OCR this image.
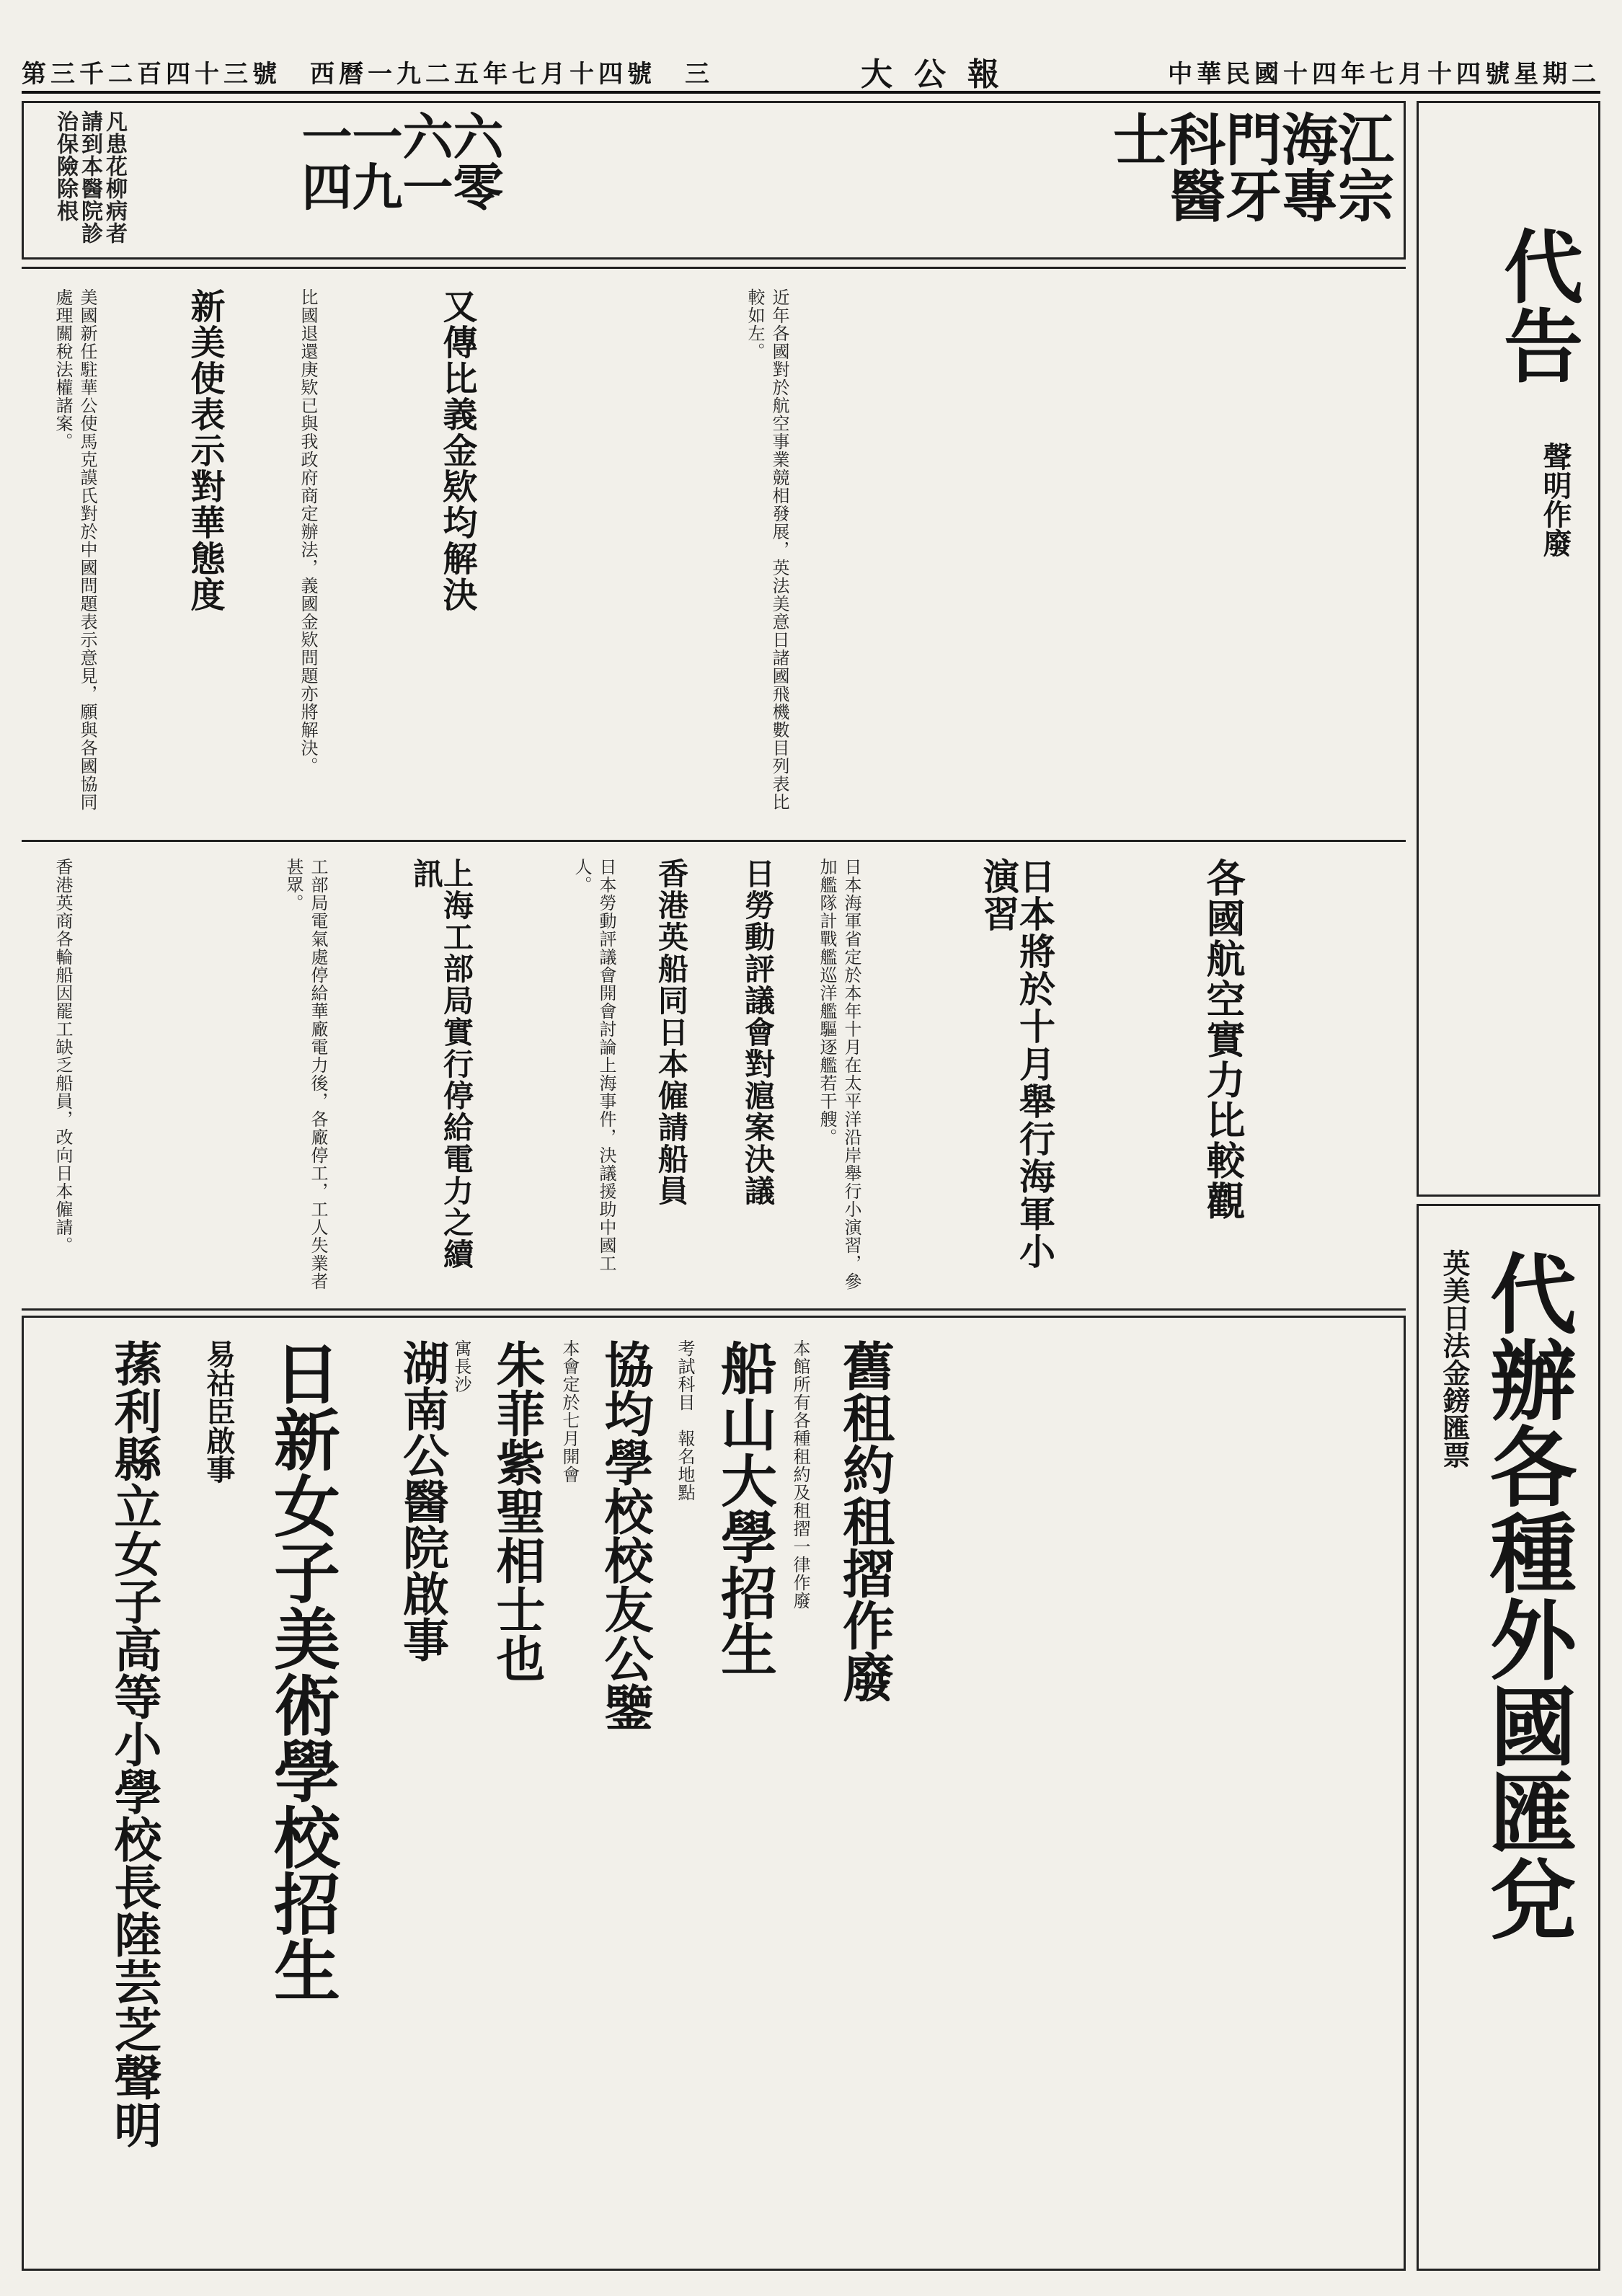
第三千二百四十三號　西曆一九二五年七月十四號　三	大公報	中華民國十四年七月十四號星期二
江宗海專門牙科醫士
六零六一一九一四
凡患花柳病者請到本醫院診治保險除根
代告
聲明作廢
代辦各種外國匯兌
英美日法金鎊匯票
新美使表示對華態度
美國新任駐華公使馬克謨氏對於中國問題表示意見，願與各國協同處理關稅法權諸案。	又傳比義金欵均解決
比國退還庚欵已與我政府商定辦法，義國金欵問題亦將解決。	近年各國對於航空事業競相發展，英法美意日諸國飛機數目列表比較如左。
各國航空實力比較觀
日本將於十月舉行海軍小演習
日本海軍省定於本年十月在太平洋沿岸舉行小演習，參加艦隊計戰艦巡洋艦驅逐艦若干艘。
日勞動評議會對滬案決議
香港英船同日本僱請船員
日本勞動評議會開會討論上海事件，決議援助中國工人。
上海工部局實行停給電力之續訊
工部局電氣處停給華廠電力後，各廠停工，工人失業者甚眾。
香港英商各輪船因罷工缺乏船員，改向日本僱請。
舊租約租摺作廢
本館所有各種租約及租摺一律作廢
船山大學招生
考試科目　報名地點
協均學校校友公鑒
本會定於七月開會
朱菲紫聖相士也
寓長沙
湖南公醫院啟事
日新女子美術學校招生
易祜臣啟事
蓀利縣立女子高等小學校長陸芸芝聲明
